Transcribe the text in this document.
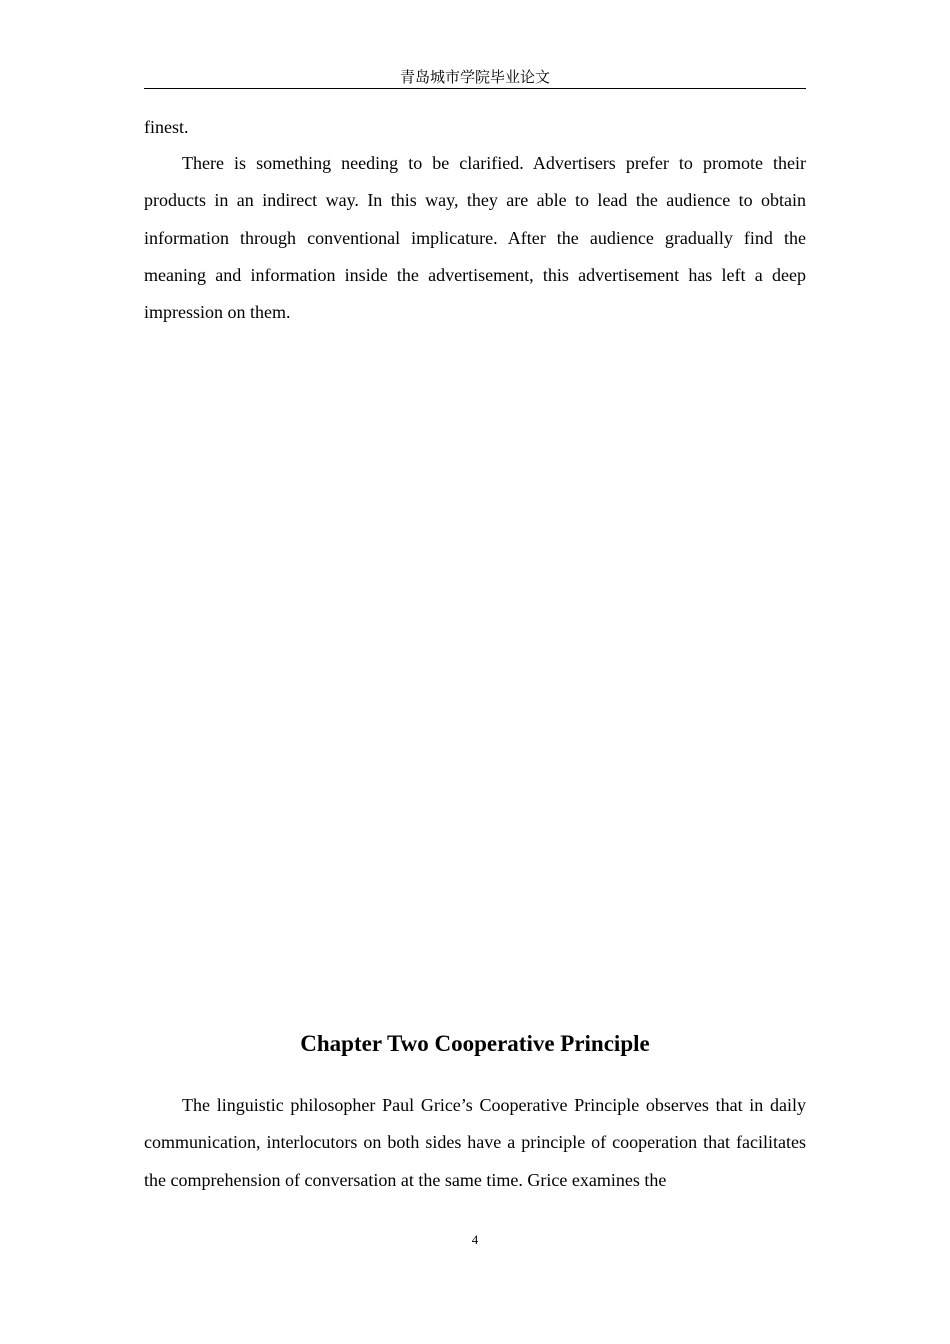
青岛城市学院毕业论文

finest.

There is something needing to be clarified. Advertisers prefer to promote their products in an indirect way. In this way, they are able to lead the audience to obtain information through conventional implicature. After the audience gradually find the meaning and information inside the advertisement, this advertisement has left a deep impression on them.

Chapter Two Cooperative Principle

The linguistic philosopher Paul Grice’s Cooperative Principle observes that in daily communication, interlocutors on both sides have a principle of cooperation that facilitates the comprehension of conversation at the same time. Grice examines the

4
